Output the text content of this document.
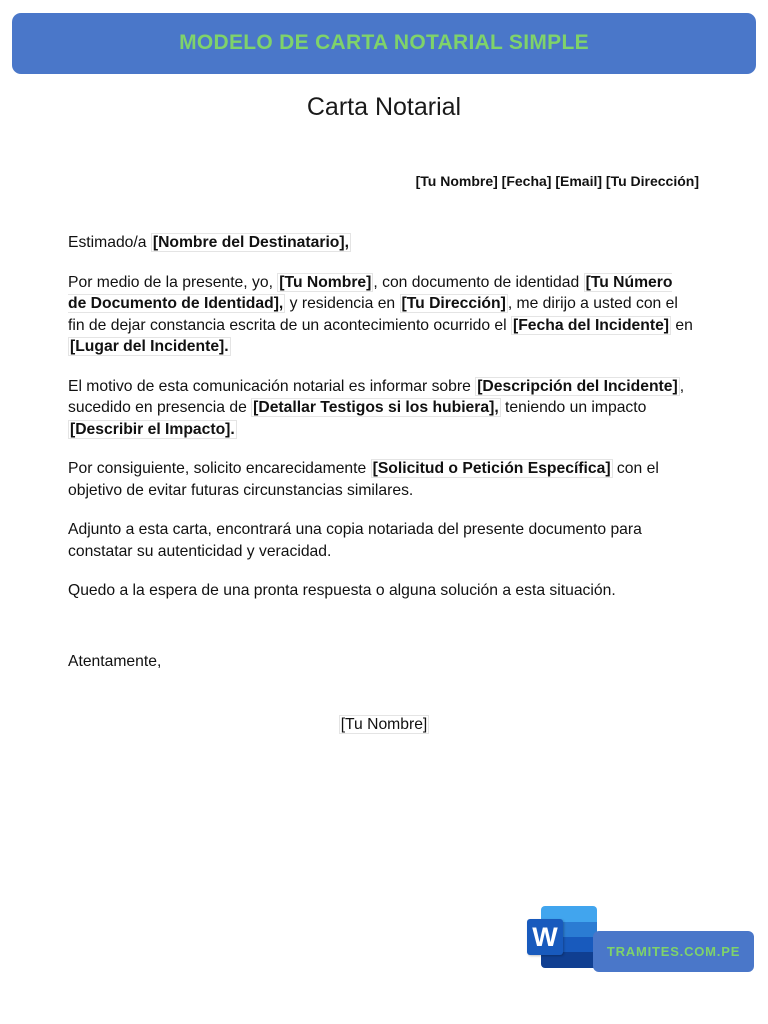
MODELO DE CARTA NOTARIAL SIMPLE
Carta Notarial
[Tu Nombre] [Fecha] [Email] [Tu Dirección]

Estimado/a [Nombre del Destinatario],

Por medio de la presente, yo, [Tu Nombre] , con documento de identidad [Tu Número de Documento de Identidad], y residencia en [Tu Dirección] , me dirijo a usted con el fin de dejar constancia escrita de un acontecimiento ocurrido el [Fecha del Incidente] en [Lugar del Incidente].

El motivo de esta comunicación notarial es informar sobre [Descripción del Incidente] , sucedido en presencia de [Detallar Testigos si los hubiera], teniendo un impacto [Describir el Impacto].

Por consiguiente, solicito encarecidamente [Solicitud o Petición Específica] con el objetivo de evitar futuras circunstancias similares.

Adjunto a esta carta, encontrará una copia notariada del presente documento para constatar su autenticidad y veracidad.

Quedo a la espera de una pronta respuesta o alguna solución a esta situación.

Atentamente,
[Tu Nombre]
W	TRAMITES.COM.PE
